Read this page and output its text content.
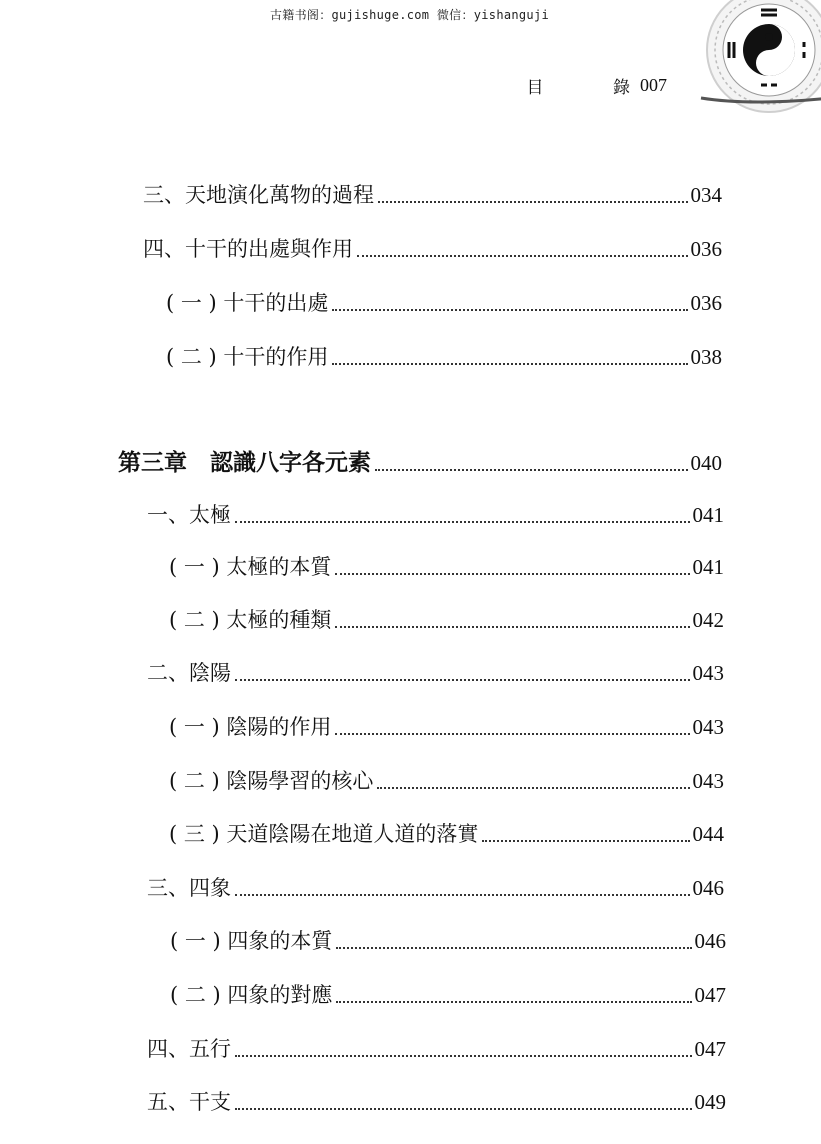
古籍书阁：gujishuge.com 微信：yishanguji
目	錄 007
三、天地演化萬物的過程	034
四、十干的出處與作用	036
( 一 ) 十干的出處	036
( 二 ) 十干的作用	038
第三章　認識八字各元素	040
一、太極	041
( 一 ) 太極的本質	041
( 二 ) 太極的種類	042
二、陰陽	043
( 一 ) 陰陽的作用	043
( 二 ) 陰陽學習的核心	043
( 三 ) 天道陰陽在地道人道的落實	044
三、四象	046
( 一 ) 四象的本質	046
( 二 ) 四象的對應	047
四、五行	047
五、干支	049
